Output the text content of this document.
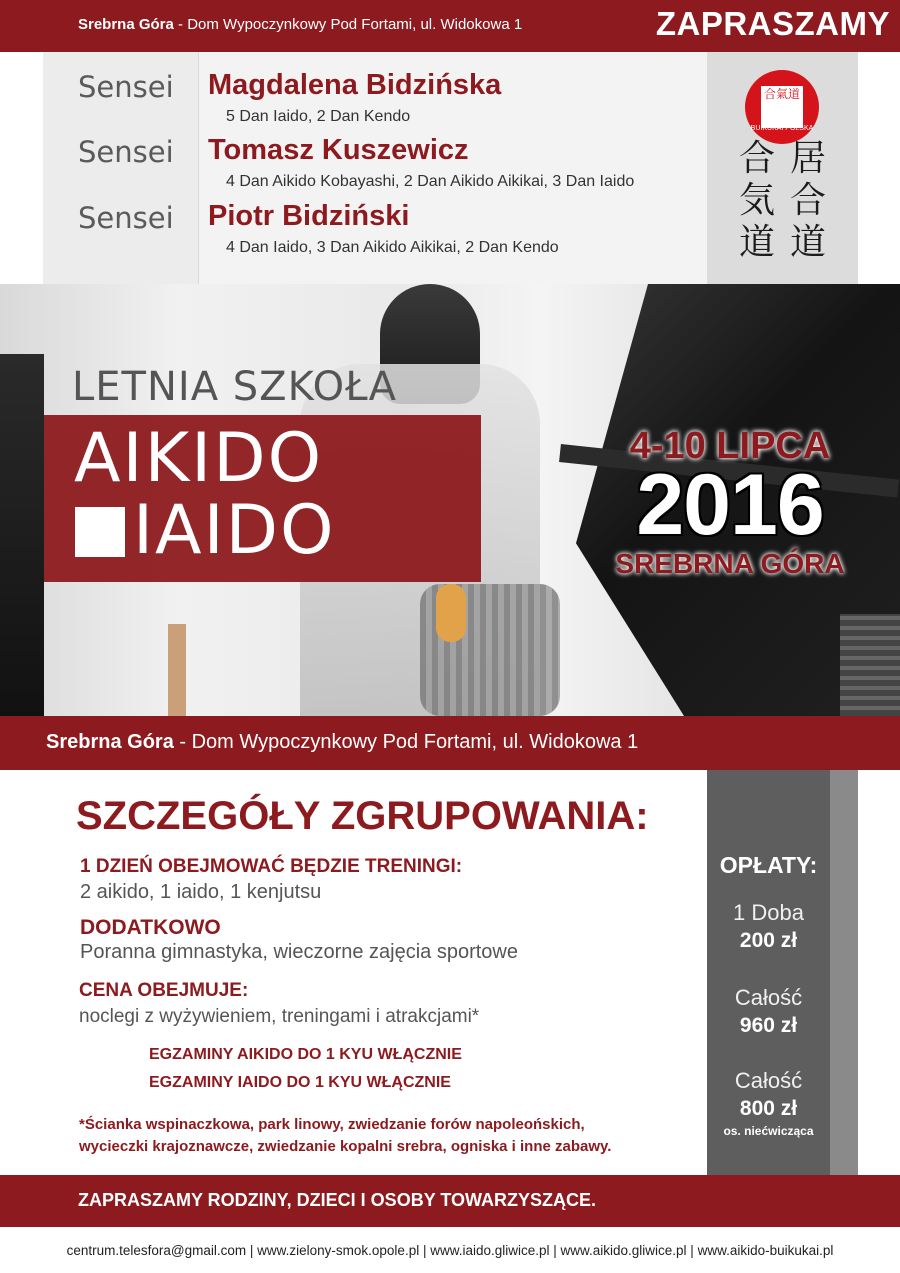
Srebrna Góra - Dom Wypoczynkowy Pod Fortami, ul. Widokowa 1	ZAPRASZAMY
Sensei Magdalena Bidzińska
5 Dan Iaido, 2 Dan Kendo
Sensei Tomasz Kuszewicz
4 Dan Aikido Kobayashi, 2 Dan Aikido Aikikai, 3 Dan Iaido
Sensei Piotr Bidziński
4 Dan Iaido, 3 Dan Aikido Aikikai, 2 Dan Kendo
合氣道
BUIKUKAI POLSKA
合
気
道
居
合
道
LETNIA SZKOŁA
AIKIDO
IAIDO
4-10 LIPCA
2016
SREBRNA GÓRA
Srebrna Góra - Dom Wypoczynkowy Pod Fortami, ul. Widokowa 1
SZCZEGÓŁY ZGRUPOWANIA:
1 DZIEŃ OBEJMOWAĆ BĘDZIE TRENINGI:
2 aikido, 1 iaido, 1 kenjutsu
DODATKOWO
Poranna gimnastyka, wieczorne zajęcia sportowe
CENA OBEJMUJE:
noclegi z wyżywieniem, treningami i atrakcjami*
EGZAMINY AIKIDO DO 1 KYU WŁĄCZNIE
EGZAMINY IAIDO DO 1 KYU WŁĄCZNIE
*Ścianka wspinaczkowa, park linowy, zwiedzanie forów napoleońskich,
wycieczki krajoznawcze, zwiedzanie kopalni srebra, ogniska i inne zabawy.
OPŁATY:
1 Doba
200 zł
Całość
960 zł
Całość
800 zł
os. niećwicząca
ZAPRASZAMY RODZINY, DZIECI I OSOBY TOWARZYSZĄCE.
centrum.telesfora@gmail.com | www.zielony-smok.opole.pl | www.iaido.gliwice.pl | www.aikido.gliwice.pl | www.aikido-buikukai.pl
